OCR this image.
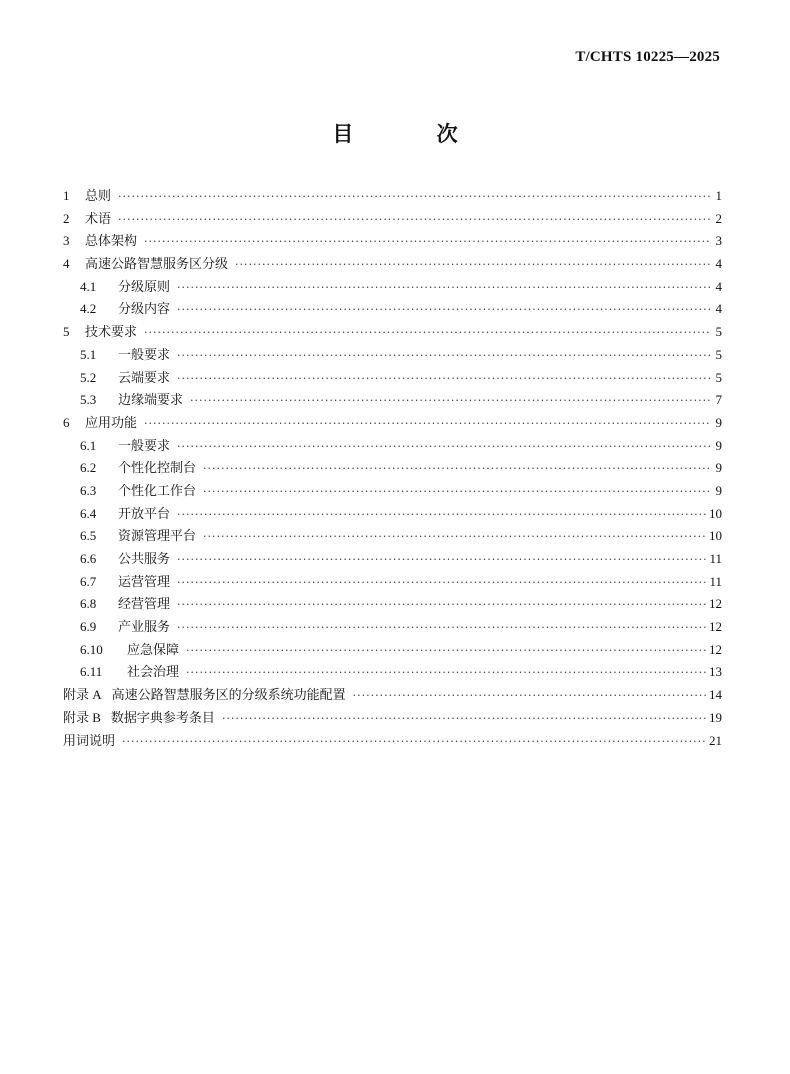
T/CHTS 10225—2025
目 次
1	总则 ·····	1
2	术语 ·····	2
3	总体架构 ·····	3
4	高速公路智慧服务区分级 ·····	4
4.1	分级原则 ·····	4
4.2	分级内容 ·····	4
5	技术要求 ·····	5
5.1	一般要求 ·····	5
5.2	云端要求 ·····	5
5.3	边缘端要求 ·····	7
6	应用功能 ·····	9
6.1	一般要求 ·····	9
6.2	个性化控制台 ·····	9
6.3	个性化工作台 ·····	9
6.4	开放平台 ·····	10
6.5	资源管理平台 ·····	10
6.6	公共服务 ·····	11
6.7	运营管理 ·····	11
6.8	经营管理 ·····	12
6.9	产业服务 ·····	12
6.10	应急保障 ·····	12
6.11	社会治理 ·····	13
附录 A 高速公路智慧服务区的分级系统功能配置 ·····	14
附录 B 数据字典参考条目 ·····	19
用词说明 ·····	21
